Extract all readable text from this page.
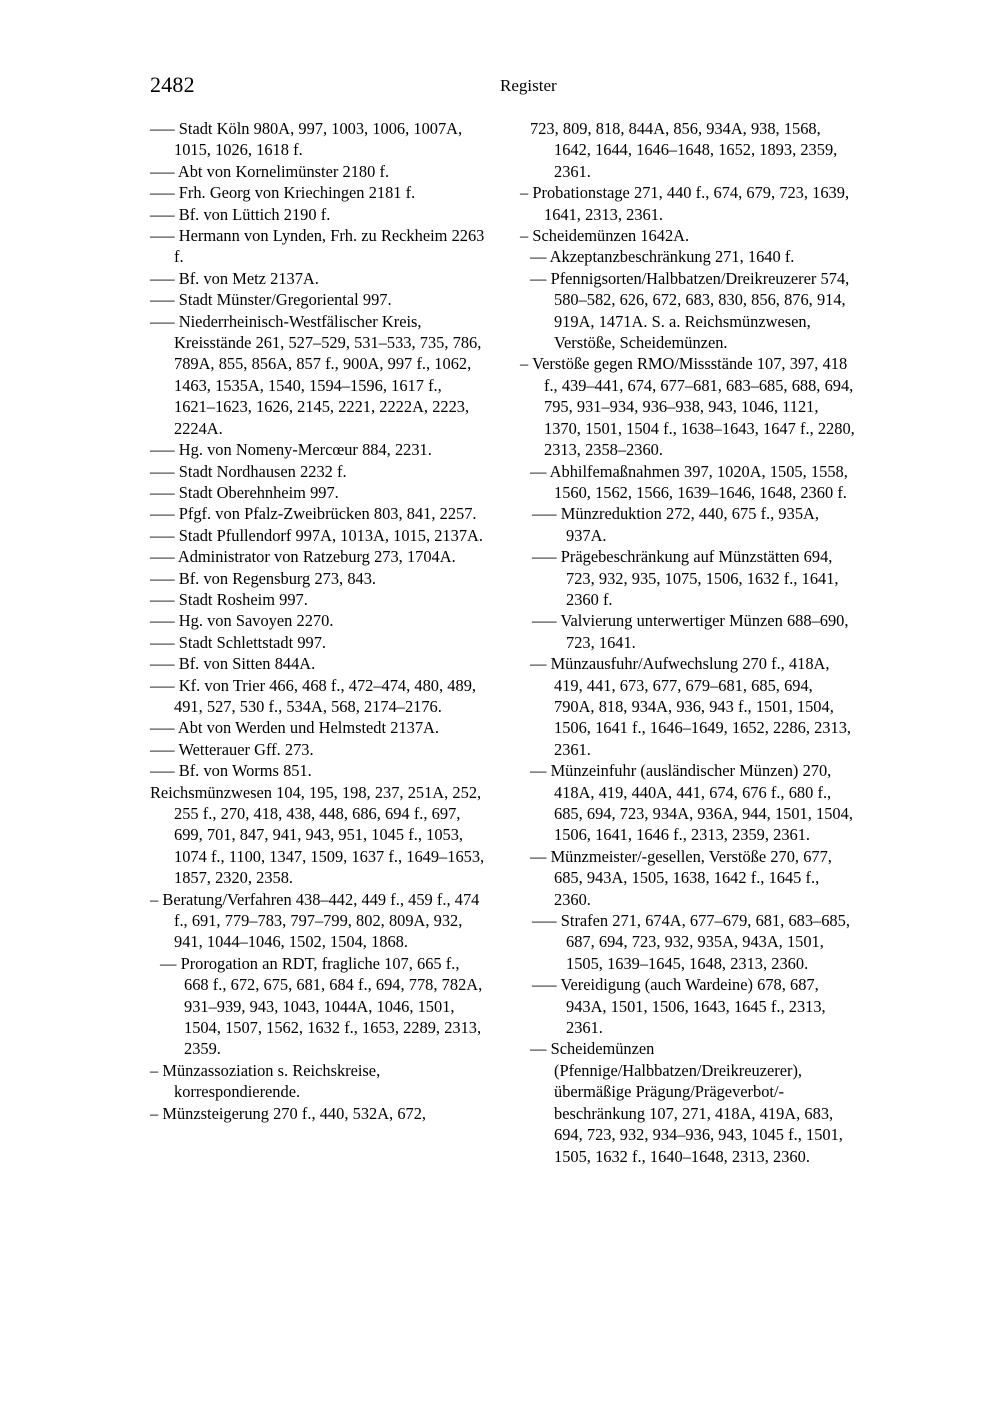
2482	Register

––– Stadt Köln 980A, 997, 1003, 1006, 1007A, 1015, 1026, 1618 f.

––– Abt von Kornelimünster 2180 f.

––– Frh. Georg von Kriechingen 2181 f.

––– Bf. von Lüttich 2190 f.

––– Hermann von Lynden, Frh. zu Reckheim 2263 f.

––– Bf. von Metz 2137A.

––– Stadt Münster/Gregoriental 997.

––– Niederrheinisch-Westfälischer Kreis, Kreisstände 261, 527–529, 531–533, 735, 786, 789A, 855, 856A, 857 f., 900A, 997 f., 1062, 1463, 1535A, 1540, 1594–1596, 1617 f., 1621–1623, 1626, 2145, 2221, 2222A, 2223, 2224A.

––– Hg. von Nomeny-Mercœur 884, 2231.

––– Stadt Nordhausen 2232 f.

––– Stadt Oberehnheim 997.

––– Pfgf. von Pfalz-Zweibrücken 803, 841, 2257.

––– Stadt Pfullendorf 997A, 1013A, 1015, 2137A.

––– Administrator von Ratzeburg 273, 1704A.

––– Bf. von Regensburg 273, 843.

––– Stadt Rosheim 997.

––– Hg. von Savoyen 2270.

––– Stadt Schlettstadt 997.

––– Bf. von Sitten 844A.

––– Kf. von Trier 466, 468 f., 472–474, 480, 489, 491, 527, 530 f., 534A, 568, 2174–2176.

––– Abt von Werden und Helmstedt 2137A.

––– Wetterauer Gff. 273.

––– Bf. von Worms 851.

Reichsmünzwesen 104, 195, 198, 237, 251A, 252, 255 f., 270, 418, 438, 448, 686, 694 f., 697, 699, 701, 847, 941, 943, 951, 1045 f., 1053, 1074 f., 1100, 1347, 1509, 1637 f., 1649–1653, 1857, 2320, 2358.

– Beratung/Verfahren 438–442, 449 f., 459 f., 474 f., 691, 779–783, 797–799, 802, 809A, 932, 941, 1044–1046, 1502, 1504, 1868.

–– Prorogation an RDT, fragliche 107, 665 f., 668 f., 672, 675, 681, 684 f., 694, 778, 782A, 931–939, 943, 1043, 1044A, 1046, 1501, 1504, 1507, 1562, 1632 f., 1653, 2289, 2313, 2359.

– Münzassoziation s. Reichskreise, korrespondierende.

– Münzsteigerung 270 f., 440, 532A, 672,

723, 809, 818, 844A, 856, 934A, 938, 1568, 1642, 1644, 1646–1648, 1652, 1893, 2359, 2361.

– Probationstage 271, 440 f., 674, 679, 723, 1639, 1641, 2313, 2361.

– Scheidemünzen 1642A.

–– Akzeptanzbeschränkung 271, 1640 f.

–– Pfennigsorten/Halbbatzen/Dreikreuzerer 574, 580–582, 626, 672, 683, 830, 856, 876, 914, 919A, 1471A. S. a. Reichsmünzwesen, Verstöße, Scheidemünzen.

– Verstöße gegen RMO/Missstände 107, 397, 418 f., 439–441, 674, 677–681, 683–685, 688, 694, 795, 931–934, 936–938, 943, 1046, 1121, 1370, 1501, 1504 f., 1638–1643, 1647 f., 2280, 2313, 2358–2360.

–– Abhilfemaßnahmen 397, 1020A, 1505, 1558, 1560, 1562, 1566, 1639–1646, 1648, 2360 f.

––– Münzreduktion 272, 440, 675 f., 935A, 937A.

––– Prägebeschränkung auf Münzstätten 694, 723, 932, 935, 1075, 1506, 1632 f., 1641, 2360 f.

––– Valvierung unterwertiger Münzen 688–690, 723, 1641.

–– Münzausfuhr/Aufwechslung 270 f., 418A, 419, 441, 673, 677, 679–681, 685, 694, 790A, 818, 934A, 936, 943 f., 1501, 1504, 1506, 1641 f., 1646–1649, 1652, 2286, 2313, 2361.

–– Münzeinfuhr (ausländischer Münzen) 270, 418A, 419, 440A, 441, 674, 676 f., 680 f., 685, 694, 723, 934A, 936A, 944, 1501, 1504, 1506, 1641, 1646 f., 2313, 2359, 2361.

–– Münzmeister/-gesellen, Verstöße 270, 677, 685, 943A, 1505, 1638, 1642 f., 1645 f., 2360.

––– Strafen 271, 674A, 677–679, 681, 683–685, 687, 694, 723, 932, 935A, 943A, 1501, 1505, 1639–1645, 1648, 2313, 2360.

––– Vereidigung (auch Wardeine) 678, 687, 943A, 1501, 1506, 1643, 1645 f., 2313, 2361.

–– Scheidemünzen (Pfennige/Halbbatzen/Dreikreuzerer), übermäßige Prägung/Prägeverbot/-beschränkung 107, 271, 418A, 419A, 683, 694, 723, 932, 934–936, 943, 1045 f., 1501, 1505, 1632 f., 1640–1648, 2313, 2360.
